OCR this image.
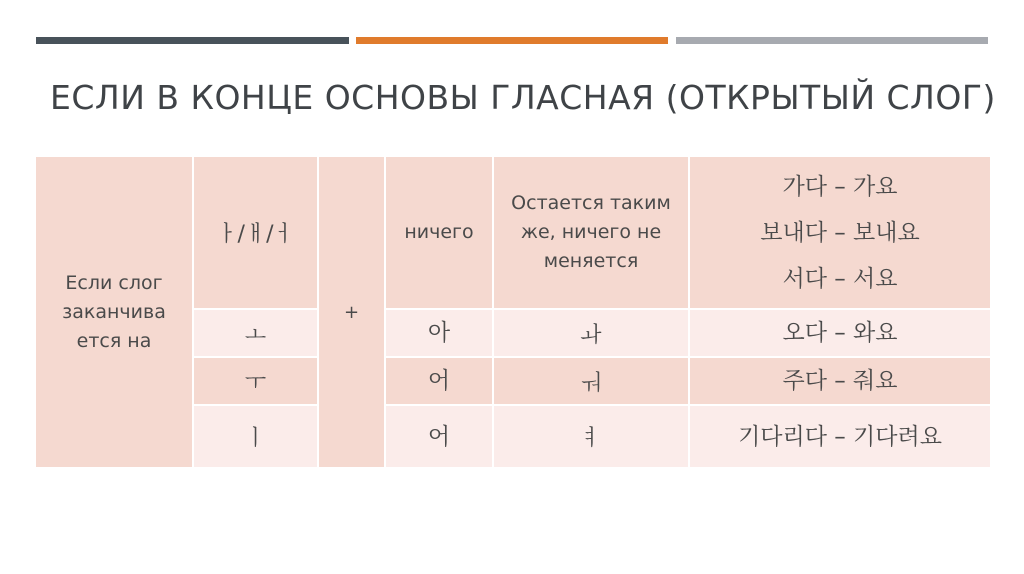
ЕСЛИ В КОНЦЕ ОСНОВЫ ГЛАСНАЯ (ОТКРЫТЫЙ СЛОГ)
Если слог заканчива ется на	ㅏ/ㅐ/ㅓ	+	ничего	Остается таким же, ничего не меняется	가다 – 가요
보내다 – 보내요
서다 – 서요

	ㅗ		아	ㅘ	오다 – 와요
	ㅜ		어	ㅝ	주다 – 줘요
	ㅣ		어	ㅕ	기다리다 – 기다려요
